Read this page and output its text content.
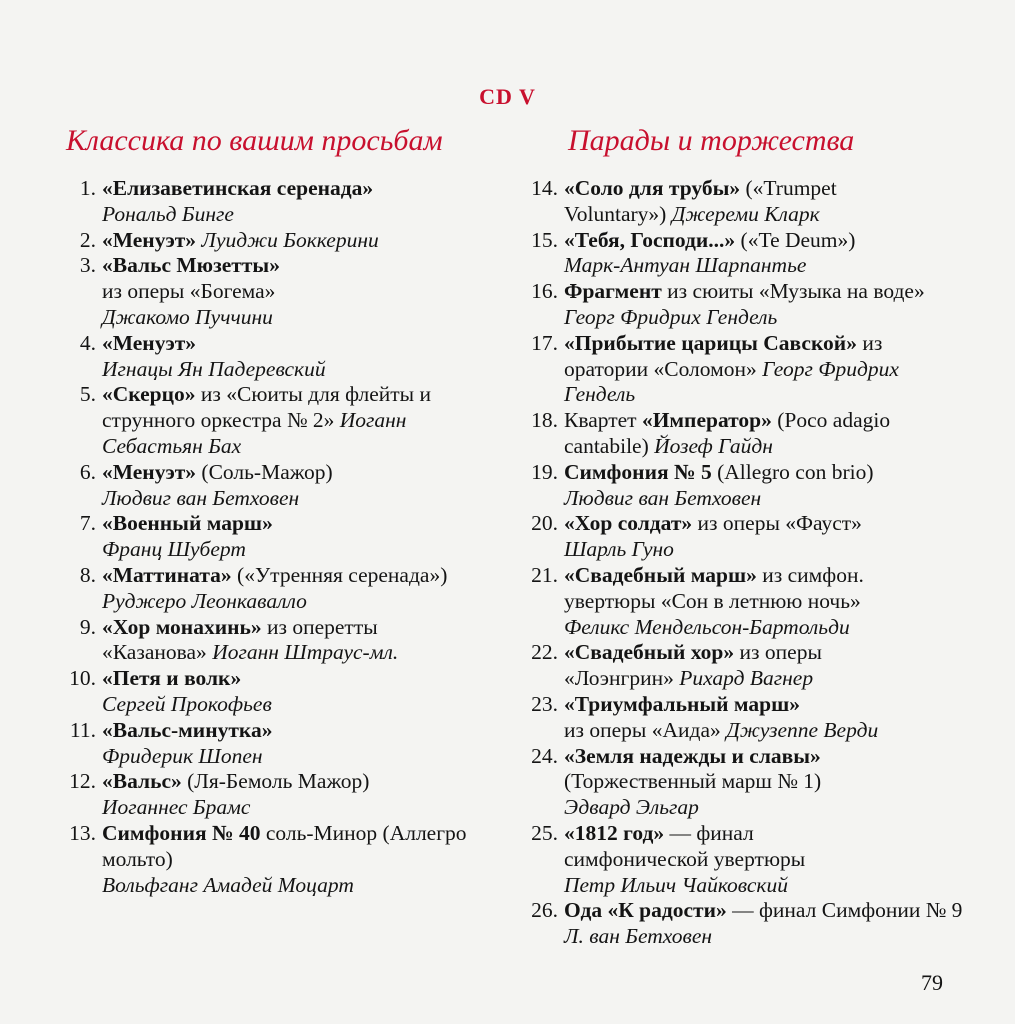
CD V
Классика по вашим просьбам	Парады и торжества
1. «Елизаветинская серенада»
Рональд Бинге
2. «Менуэт» Луиджи Боккерини
3. «Вальс Мюзетты»
из оперы «Богема»
Джакомо Пуччини
4. «Менуэт»
Игнацы Ян Падеревский
5. «Скерцо» из «Сюиты для флейты и струнного оркестра № 2» Иоганн Себастьян Бах
6. «Менуэт» (Соль-Мажор)
Людвиг ван Бетховен
7. «Военный марш»
Франц Шуберт
8. «Маттината» («Утренняя серенада») Руджеро Леонкавалло
9. «Хор монахинь» из оперетты «Казанова» Иоганн Штраус-мл.
10. «Петя и волк»
Сергей Прокофьев
11. «Вальс-минутка»
Фридерик Шопен
12. «Вальс» (Ля-Бемоль Мажор)
Иоганнес Брамс
13. Симфония № 40 соль-Минор (Аллегро мольто)
Вольфганг Амадей Моцарт
14. «Соло для трубы» («Trumpet Voluntary») Джереми Кларк
15. «Тебя, Господи...» («Te Deum»)
Марк-Антуан Шарпантье
16. Фрагмент из сюиты «Музыка на воде» Георг Фридрих Гендель
17. «Прибытие царицы Савской» из оратории «Соломон» Георг Фридрих Гендель
18. Квартет «Император» (Poco adagio cantabile) Йозеф Гайдн
19. Симфония № 5 (Allegro con brio) Людвиг ван Бетховен
20. «Хор солдат» из оперы «Фауст»
Шарль Гуно
21. «Свадебный марш» из симфон. увертюры «Сон в летнюю ночь»
Феликс Мендельсон-Бартольди
22. «Свадебный хор» из оперы «Лоэнгрин» Рихард Вагнер
23. «Триумфальный марш»
из оперы «Аида» Джузеппе Верди
24. «Земля надежды и славы»
(Торжественный марш № 1)
Эдвард Эльгар
25. «1812 год» — финал симфонической увертюры
Петр Ильич Чайковский
26. Ода «К радости» — финал Симфонии № 9 Л. ван Бетховен
79
